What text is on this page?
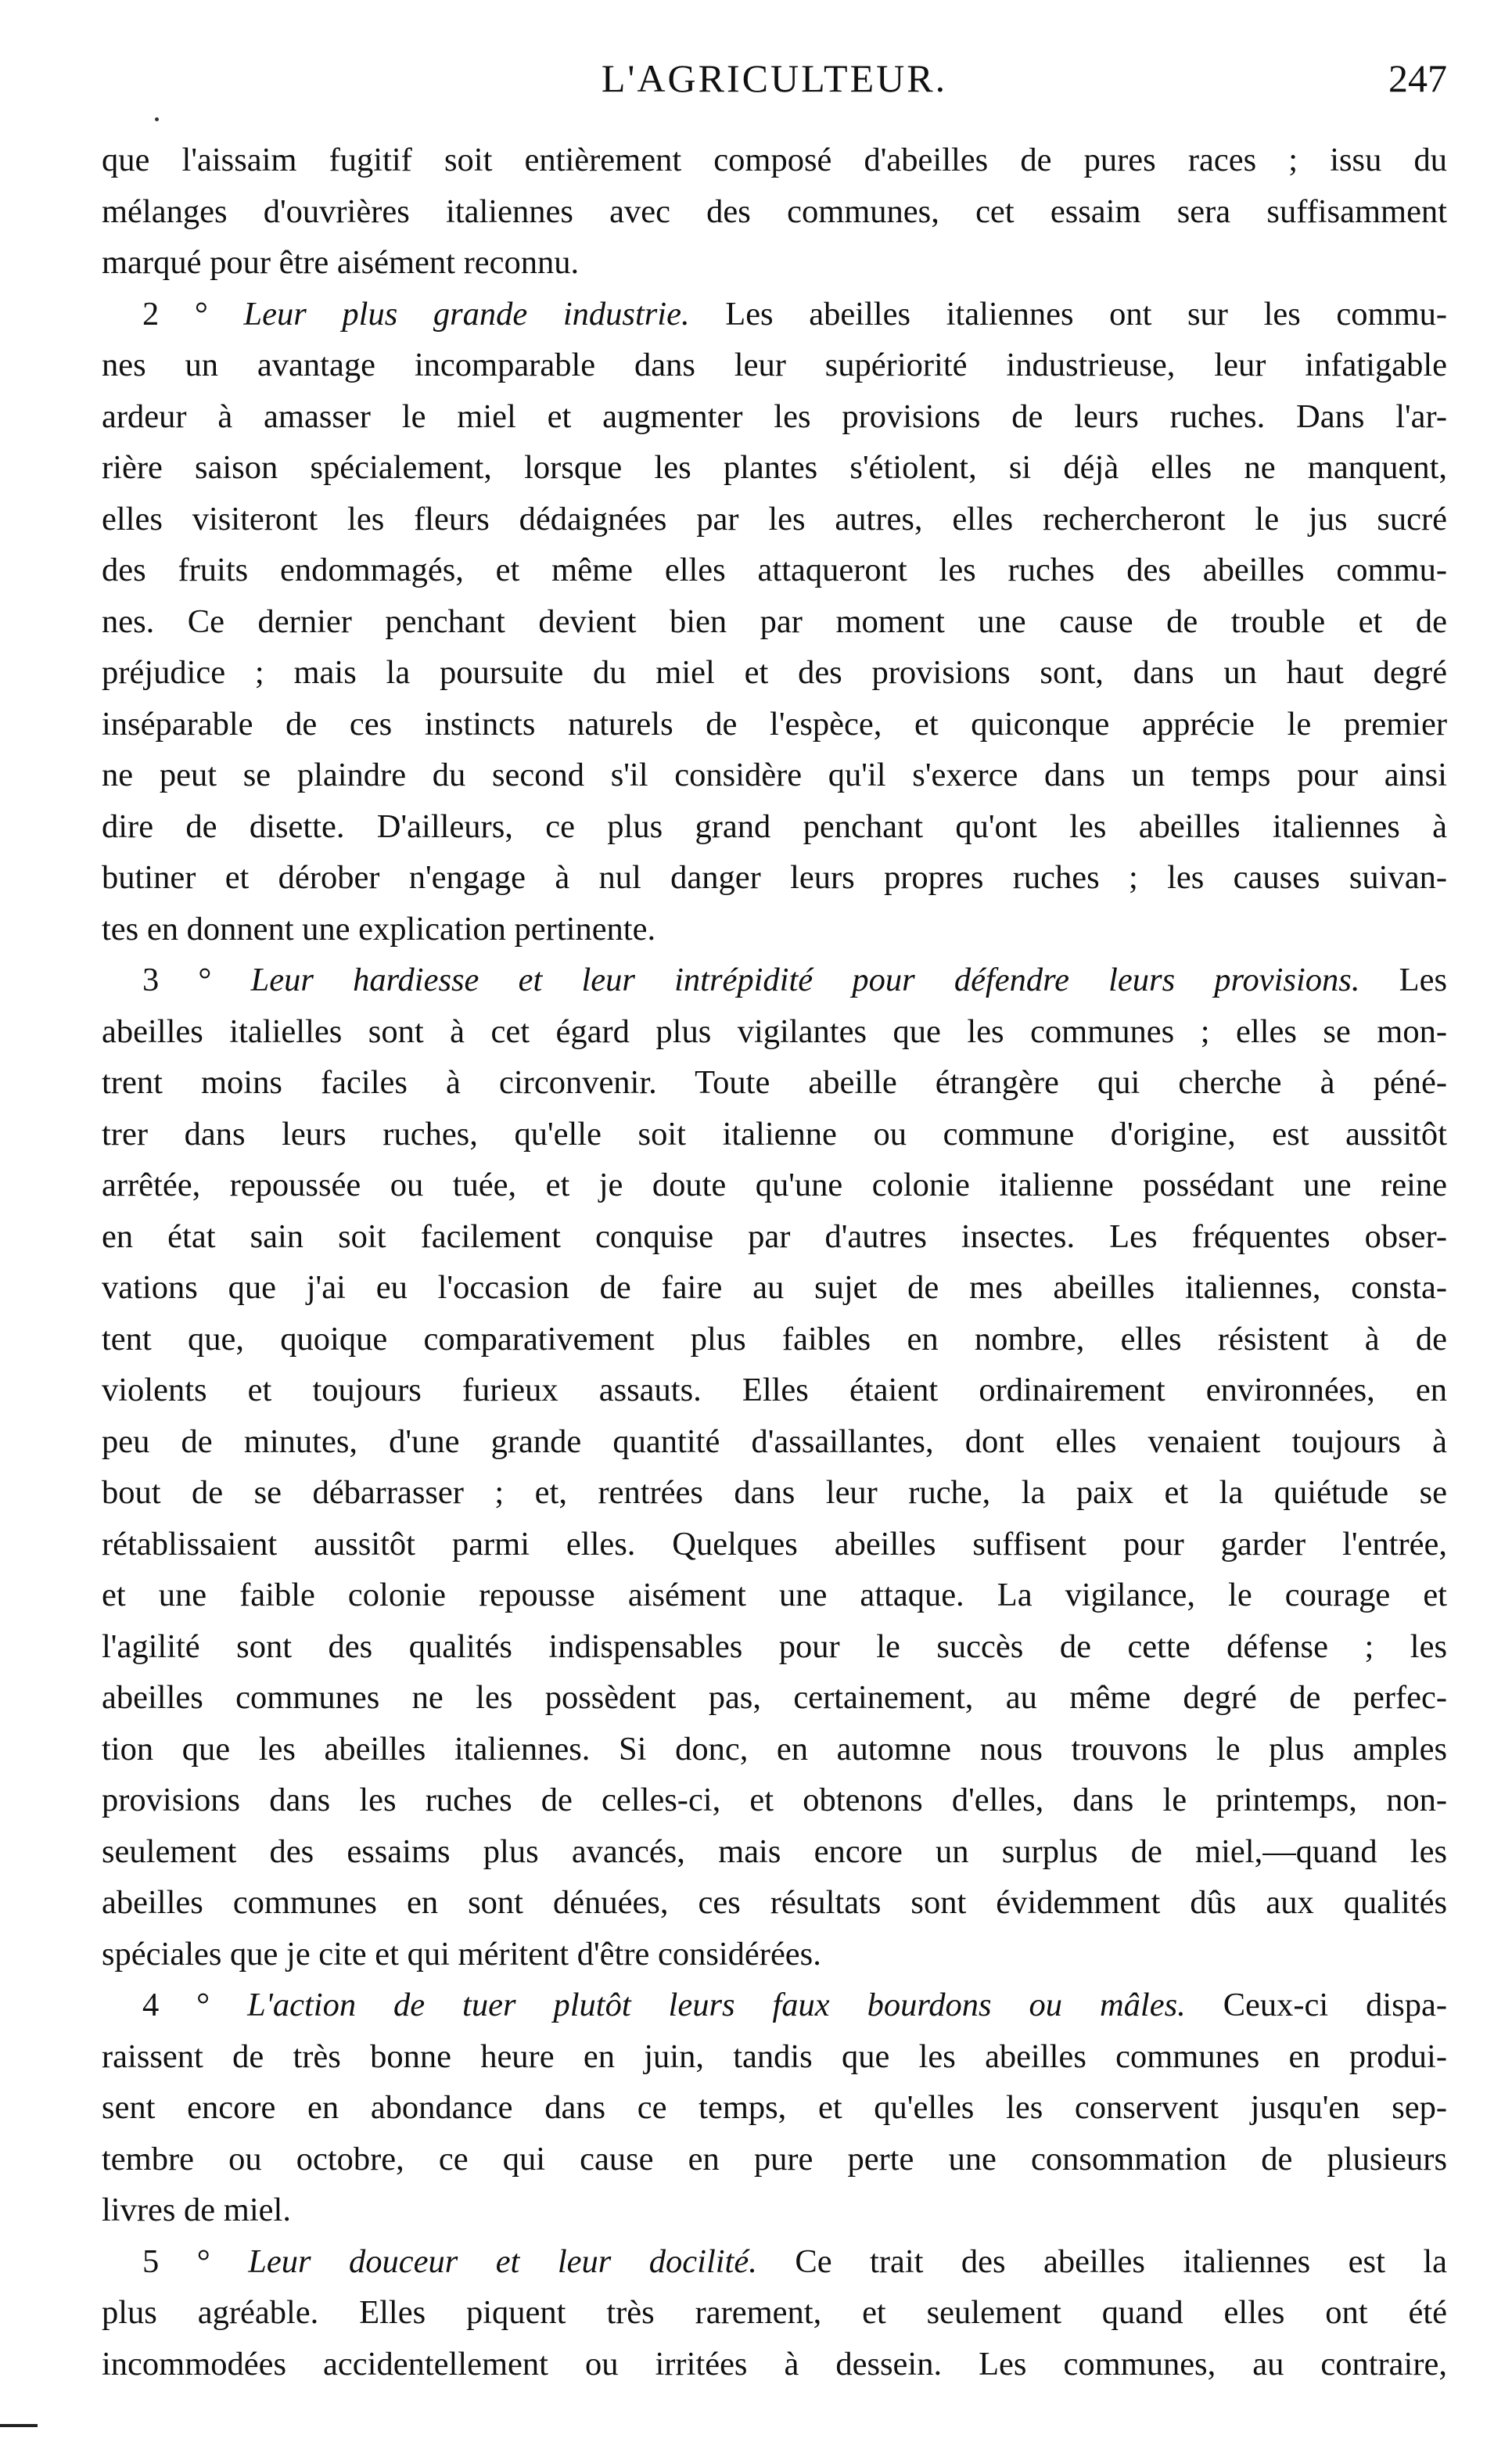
L'AGRICULTEUR.	247
que l'aissaim fugitif soit entièrement composé d'abeilles de pures races ; issu du
mélanges d'ouvrières italiennes avec des communes, cet essaim sera suffisamment
marqué pour être aisément reconnu.
2 ° Leur plus grande industrie. Les abeilles italiennes ont sur les commu-
nes un avantage incomparable dans leur supériorité industrieuse, leur infatigable
ardeur à amasser le miel et augmenter les provisions de leurs ruches. Dans l'ar-
rière saison spécialement, lorsque les plantes s'étiolent, si déjà elles ne manquent,
elles visiteront les fleurs dédaignées par les autres, elles rechercheront le jus sucré
des fruits endommagés, et même elles attaqueront les ruches des abeilles commu-
nes. Ce dernier penchant devient bien par moment une cause de trouble et de
préjudice ; mais la poursuite du miel et des provisions sont, dans un haut degré
inséparable de ces instincts naturels de l'espèce, et quiconque apprécie le premier
ne peut se plaindre du second s'il considère qu'il s'exerce dans un temps pour ainsi
dire de disette. D'ailleurs, ce plus grand penchant qu'ont les abeilles italiennes à
butiner et dérober n'engage à nul danger leurs propres ruches ; les causes suivan-
tes en donnent une explication pertinente.
3 ° Leur hardiesse et leur intrépidité pour défendre leurs provisions. Les
abeilles italielles sont à cet égard plus vigilantes que les communes ; elles se mon-
trent moins faciles à circonvenir. Toute abeille étrangère qui cherche à péné-
trer dans leurs ruches, qu'elle soit italienne ou commune d'origine, est aussitôt
arrêtée, repoussée ou tuée, et je doute qu'une colonie italienne possédant une reine
en état sain soit facilement conquise par d'autres insectes. Les fréquentes obser-
vations que j'ai eu l'occasion de faire au sujet de mes abeilles italiennes, consta-
tent que, quoique comparativement plus faibles en nombre, elles résistent à de
violents et toujours furieux assauts. Elles étaient ordinairement environnées, en
peu de minutes, d'une grande quantité d'assaillantes, dont elles venaient toujours à
bout de se débarrasser ; et, rentrées dans leur ruche, la paix et la quiétude se
rétablissaient aussitôt parmi elles. Quelques abeilles suffisent pour garder l'entrée,
et une faible colonie repousse aisément une attaque. La vigilance, le courage et
l'agilité sont des qualités indispensables pour le succès de cette défense ; les
abeilles communes ne les possèdent pas, certainement, au même degré de perfec-
tion que les abeilles italiennes. Si donc, en automne nous trouvons le plus amples
provisions dans les ruches de celles-ci, et obtenons d'elles, dans le printemps, non-
seulement des essaims plus avancés, mais encore un surplus de miel,—quand les
abeilles communes en sont dénuées, ces résultats sont évidemment dûs aux qualités
spéciales que je cite et qui méritent d'être considérées.
4 ° L'action de tuer plutôt leurs faux bourdons ou mâles. Ceux-ci dispa-
raissent de très bonne heure en juin, tandis que les abeilles communes en produi-
sent encore en abondance dans ce temps, et qu'elles les conservent jusqu'en sep-
tembre ou octobre, ce qui cause en pure perte une consommation de plusieurs
livres de miel.
5 ° Leur douceur et leur docilité. Ce trait des abeilles italiennes est la
plus agréable. Elles piquent très rarement, et seulement quand elles ont été
incommodées accidentellement ou irritées à dessein. Les communes, au contraire,
